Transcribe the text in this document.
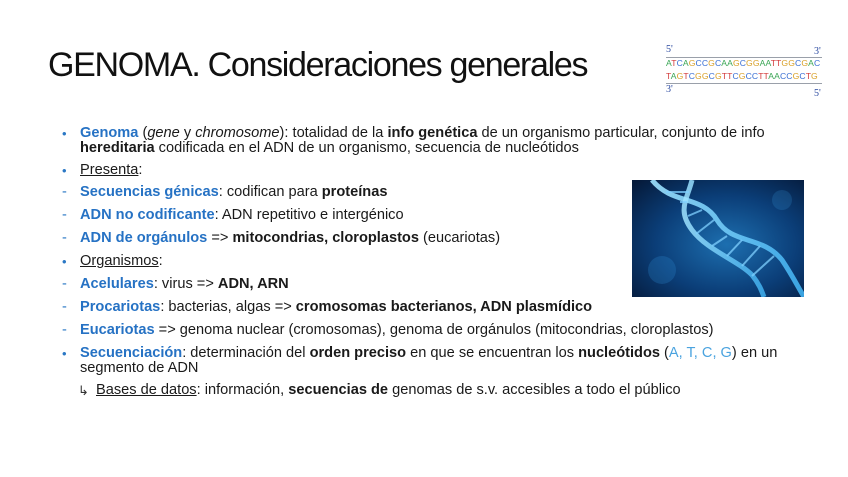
GENOMA. Consideraciones generales	5'	3'
ATCAGCCGCAAGCGGAATTGGCGAC
TAGTCGGCGTTCGCCTTAACCGCTG
3'	5'
• Genoma (gene y chromosome): totalidad de la info genética de un organismo particular, conjunto de info hereditaria codificada en el ADN de un organismo, secuencia de nucleótidos
• Presenta:
- Secuencias génicas: codifican para proteínas
- ADN no codificante: ADN repetitivo e intergénico
- ADN de orgánulos => mitocondrias, cloroplastos (eucariotas)
• Organismos:
- Acelulares: virus => ADN, ARN
- Procariotas: bacterias, algas => cromosomas bacterianos, ADN plasmídico
- Eucariotas => genoma nuclear (cromosomas), genoma de orgánulos (mitocondrias, cloroplastos)
• Secuenciación: determinación del orden preciso en que se encuentran los nucleótidos (A, T, C, G) en un segmento de ADN
↳ Bases de datos: información, secuencias de genomas de s.v. accesibles a todo el público
